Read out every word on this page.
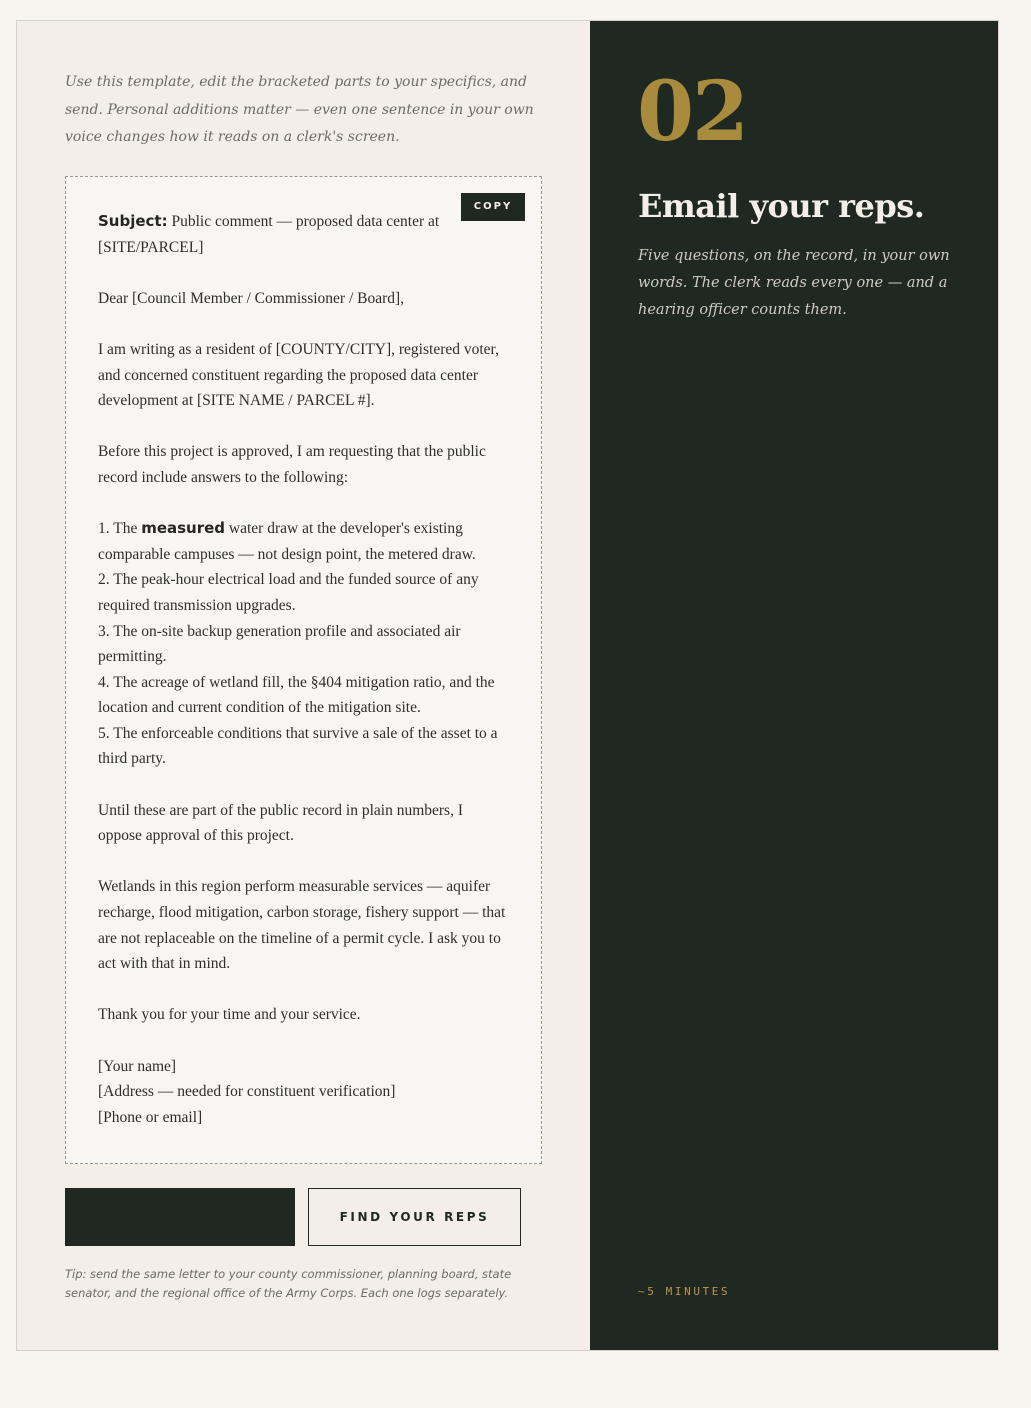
Use this template, edit the bracketed parts to your specifics, and send. Personal additions matter — even one sentence in your own voice changes how it reads on a clerk's screen.

COPY
Subject: Public comment — proposed data center at [SITE/PARCEL]
Dear [Council Member / Commissioner / Board],
I am writing as a resident of [COUNTY/CITY], registered voter, and concerned constituent regarding the proposed data center development at [SITE NAME / PARCEL #].
Before this project is approved, I am requesting that the public record include answers to the following:
1. The measured water draw at the developer's existing comparable campuses — not design point, the metered draw.
2. The peak-hour electrical load and the funded source of any required transmission upgrades.
3. The on-site backup generation profile and associated air permitting.
4. The acreage of wetland fill, the §404 mitigation ratio, and the location and current condition of the mitigation site.
5. The enforceable conditions that survive a sale of the asset to a third party.
Until these are part of the public record in plain numbers, I oppose approval of this project.
Wetlands in this region perform measurable services — aquifer recharge, flood mitigation, carbon storage, fishery support — that are not replaceable on the timeline of a permit cycle. I ask you to act with that in mind.
Thank you for your time and your service.
[Your name]
[Address — needed for constituent verification]
[Phone or email]
OPEN IN MAIL APP	FIND YOUR REPS

Tip: send the same letter to your county commissioner, planning board, state senator, and the regional office of the Army Corps. Each one logs separately.

02
Email your reps.

Five questions, on the record, in your own words. The clerk reads every one — and a hearing officer counts them.

~5 MINUTES
